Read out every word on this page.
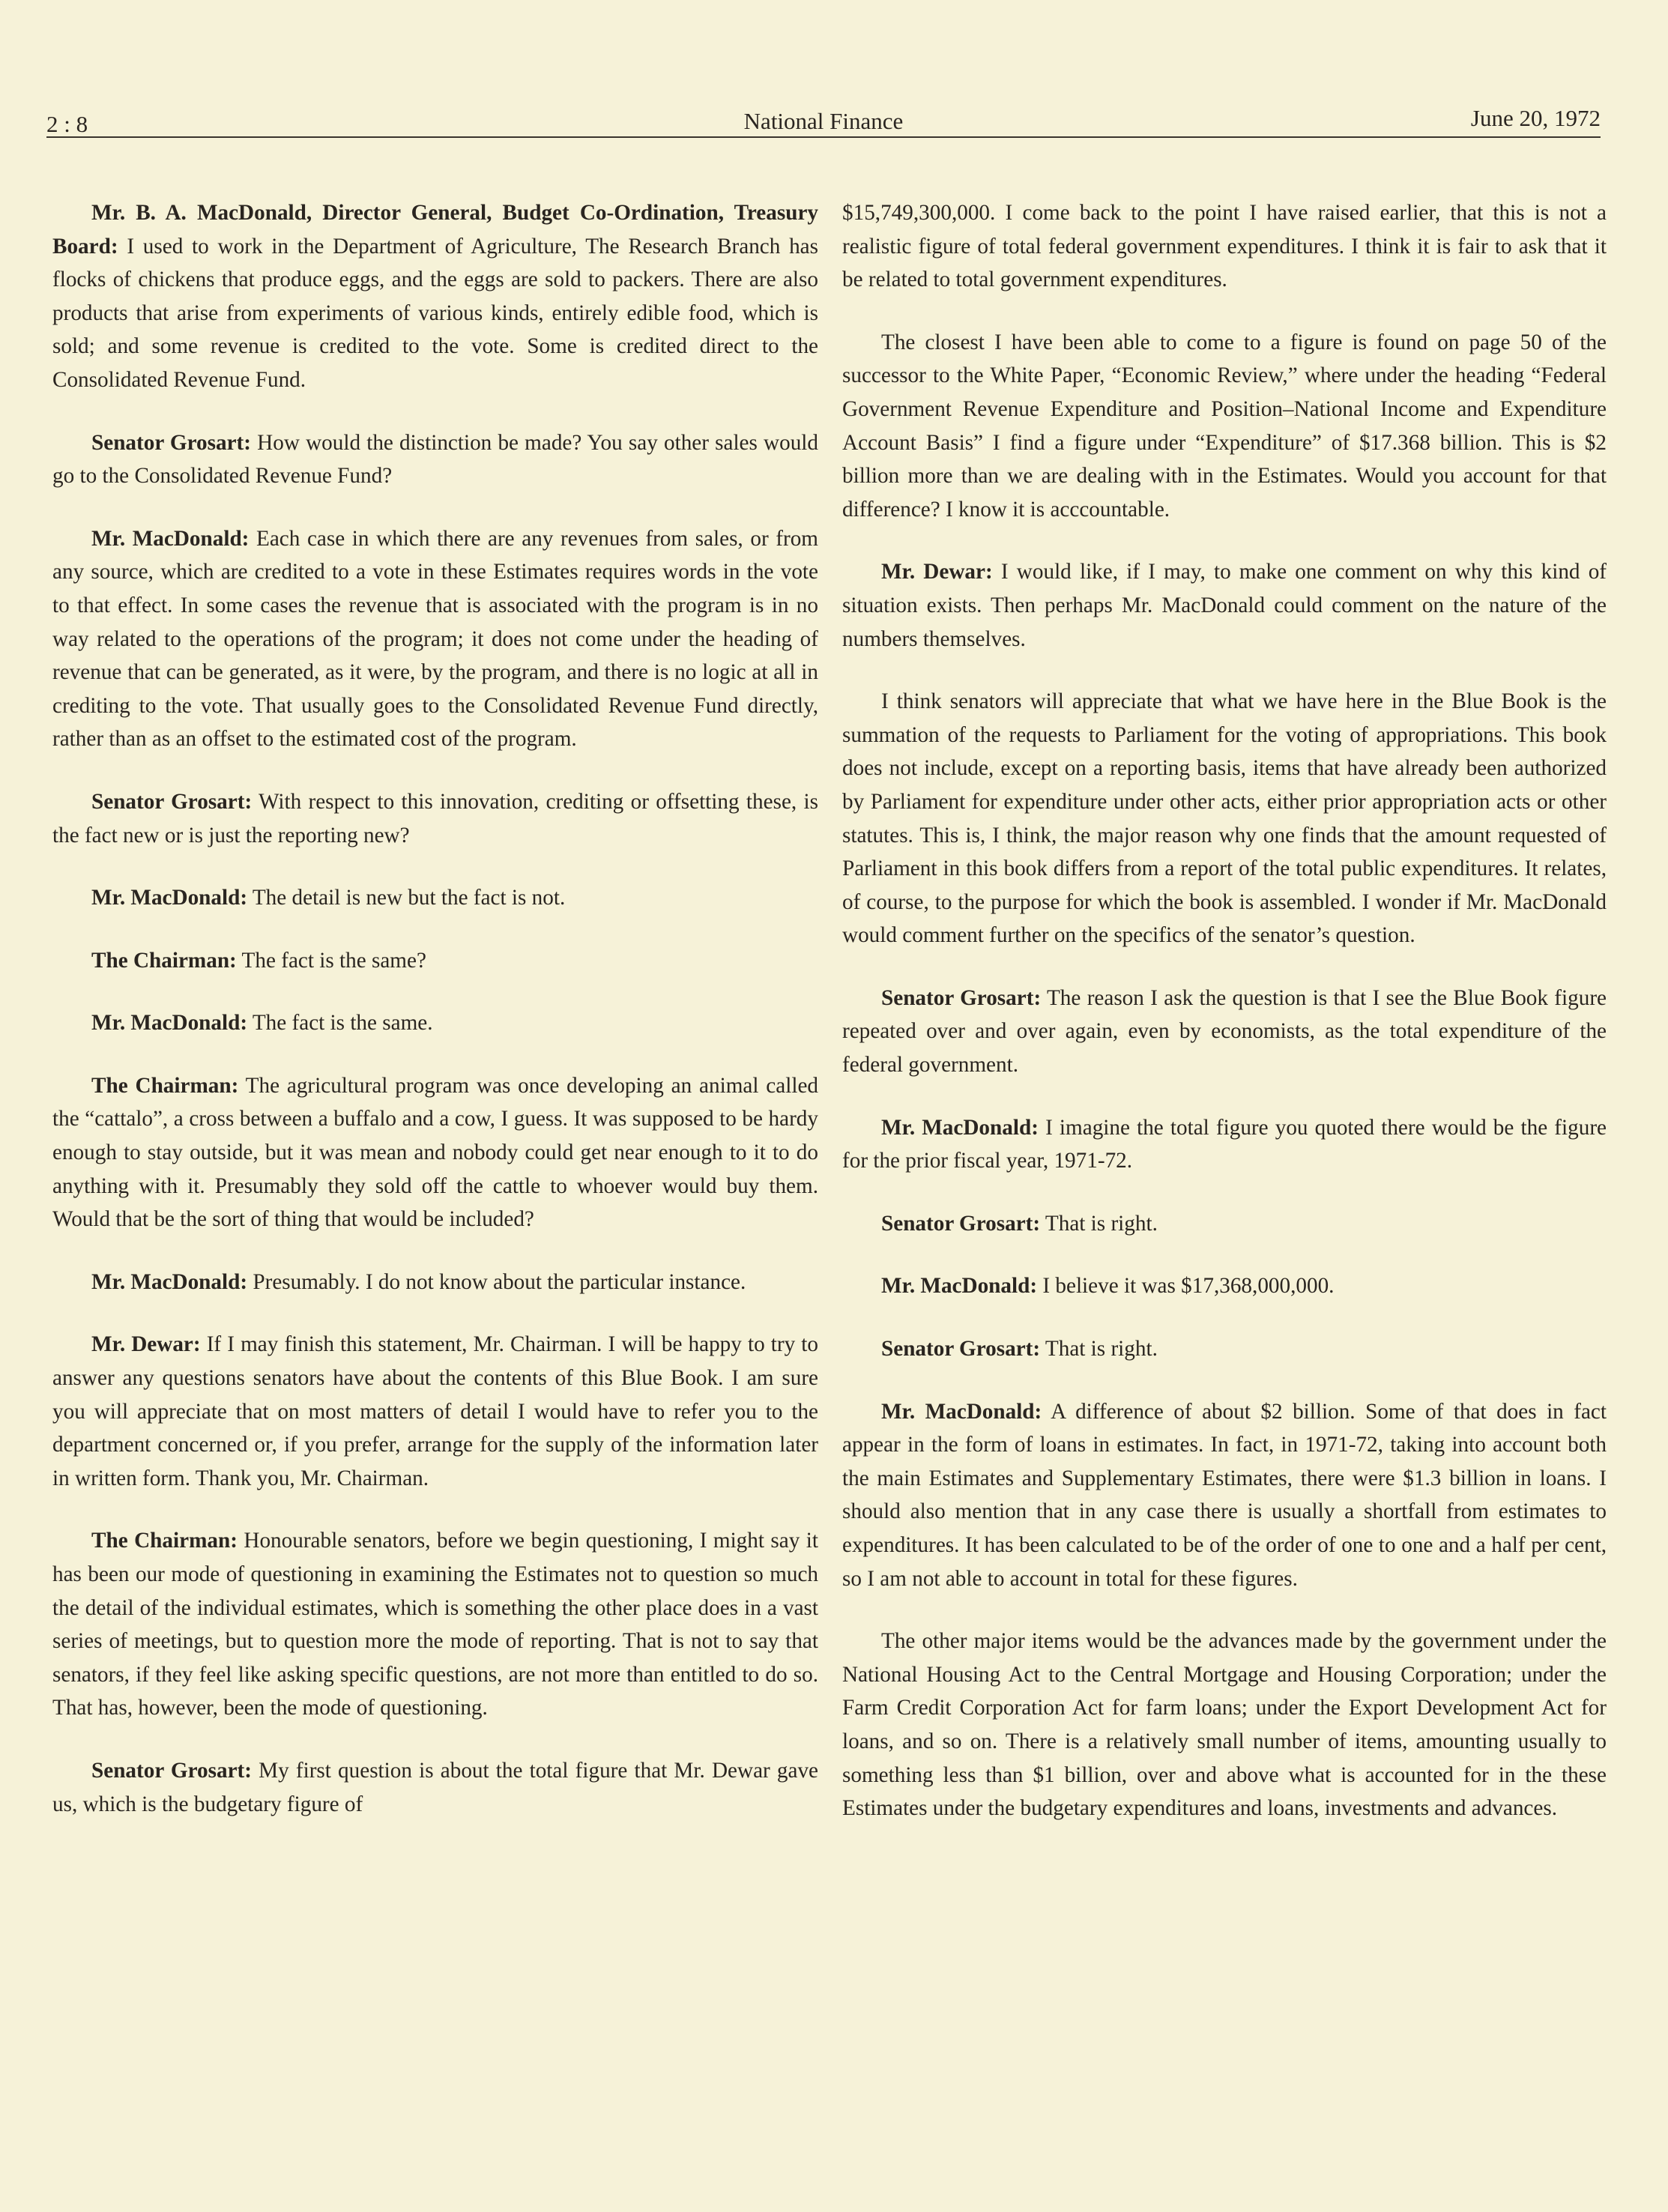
2 : 8	National Finance	June 20, 1972

Mr. B. A. MacDonald, Director General, Budget Co-Ordination, Treasury Board: I used to work in the Department of Agriculture, The Research Branch has flocks of chickens that produce eggs, and the eggs are sold to packers. There are also products that arise from experiments of various kinds, entirely edible food, which is sold; and some revenue is credited to the vote. Some is credited direct to the Consolidated Revenue Fund.

Senator Grosart: How would the distinction be made? You say other sales would go to the Consolidated Revenue Fund?

Mr. MacDonald: Each case in which there are any revenues from sales, or from any source, which are credited to a vote in these Estimates requires words in the vote to that effect. In some cases the revenue that is associated with the program is in no way related to the operations of the program; it does not come under the heading of revenue that can be generated, as it were, by the program, and there is no logic at all in crediting to the vote. That usually goes to the Consolidated Revenue Fund directly, rather than as an offset to the estimated cost of the program.

Senator Grosart: With respect to this innovation, crediting or offsetting these, is the fact new or is just the reporting new?

Mr. MacDonald: The detail is new but the fact is not.

The Chairman: The fact is the same?

Mr. MacDonald: The fact is the same.

The Chairman: The agricultural program was once developing an animal called the “cattalo”, a cross between a buffalo and a cow, I guess. It was supposed to be hardy enough to stay outside, but it was mean and nobody could get near enough to it to do anything with it. Presumably they sold off the cattle to whoever would buy them. Would that be the sort of thing that would be included?

Mr. MacDonald: Presumably. I do not know about the particular instance.

Mr. Dewar: If I may finish this statement, Mr. Chairman. I will be happy to try to answer any questions senators have about the contents of this Blue Book. I am sure you will appreciate that on most matters of detail I would have to refer you to the department concerned or, if you prefer, arrange for the supply of the information later in written form. Thank you, Mr. Chairman.

The Chairman: Honourable senators, before we begin questioning, I might say it has been our mode of questioning in examining the Estimates not to question so much the detail of the individual estimates, which is something the other place does in a vast series of meetings, but to question more the mode of reporting. That is not to say that senators, if they feel like asking specific questions, are not more than entitled to do so. That has, however, been the mode of questioning.

Senator Grosart: My first question is about the total figure that Mr. Dewar gave us, which is the budgetary figure of

$15,749,300,000. I come back to the point I have raised earlier, that this is not a realistic figure of total federal government expenditures. I think it is fair to ask that it be related to total government expenditures.

The closest I have been able to come to a figure is found on page 50 of the successor to the White Paper, “Economic Review,” where under the heading “Federal Government Revenue Expenditure and Position–National Income and Expenditure Account Basis” I find a figure under “Expenditure” of $17.368 billion. This is $2 billion more than we are dealing with in the Estimates. Would you account for that difference? I know it is acccountable.

Mr. Dewar: I would like, if I may, to make one comment on why this kind of situation exists. Then perhaps Mr. MacDonald could comment on the nature of the numbers themselves.

I think senators will appreciate that what we have here in the Blue Book is the summation of the requests to Parliament for the voting of appropriations. This book does not include, except on a reporting basis, items that have already been authorized by Parliament for expenditure under other acts, either prior appropriation acts or other statutes. This is, I think, the major reason why one finds that the amount requested of Parliament in this book differs from a report of the total public expenditures. It relates, of course, to the purpose for which the book is assembled. I wonder if Mr. MacDonald would comment further on the specifics of the senator’s question.

Senator Grosart: The reason I ask the question is that I see the Blue Book figure repeated over and over again, even by economists, as the total expenditure of the federal government.

Mr. MacDonald: I imagine the total figure you quoted there would be the figure for the prior fiscal year, 1971-72.

Senator Grosart: That is right.

Mr. MacDonald: I believe it was $17,368,000,000.

Senator Grosart: That is right.

Mr. MacDonald: A difference of about $2 billion. Some of that does in fact appear in the form of loans in estimates. In fact, in 1971-72, taking into account both the main Estimates and Supplementary Estimates, there were $1.3 billion in loans. I should also mention that in any case there is usually a shortfall from estimates to expenditures. It has been calculated to be of the order of one to one and a half per cent, so I am not able to account in total for these figures.

The other major items would be the advances made by the government under the National Housing Act to the Central Mortgage and Housing Corporation; under the Farm Credit Corporation Act for farm loans; under the Export Development Act for loans, and so on. There is a relatively small number of items, amounting usually to something less than $1 billion, over and above what is accounted for in the these Estimates under the budgetary expenditures and loans, investments and advances.
